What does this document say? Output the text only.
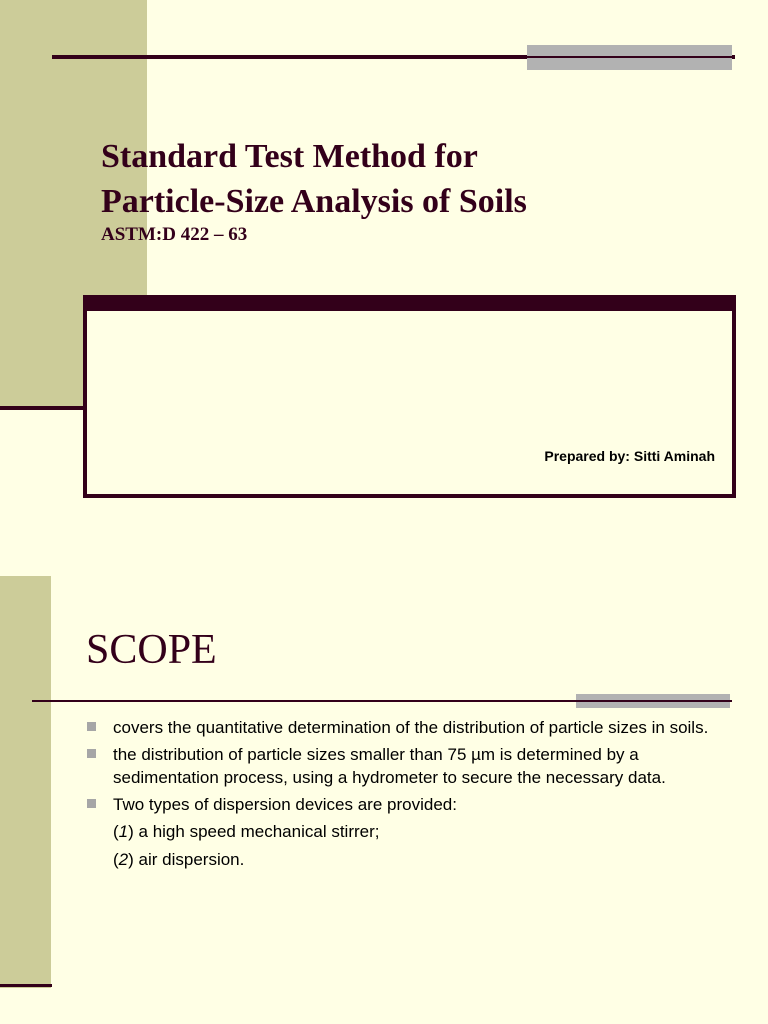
Standard Test Method for
Particle-Size Analysis of Soils
ASTM:D 422 – 63
Prepared by: Sitti Aminah
SCOPE
covers the quantitative determination of the distribution of particle sizes in soils.
the distribution of particle sizes smaller than 75 µm is determined by a sedimentation process, using a hydrometer to secure the necessary data.
Two types of dispersion devices are provided:
(1) a high speed mechanical stirrer;
(2) air dispersion.
